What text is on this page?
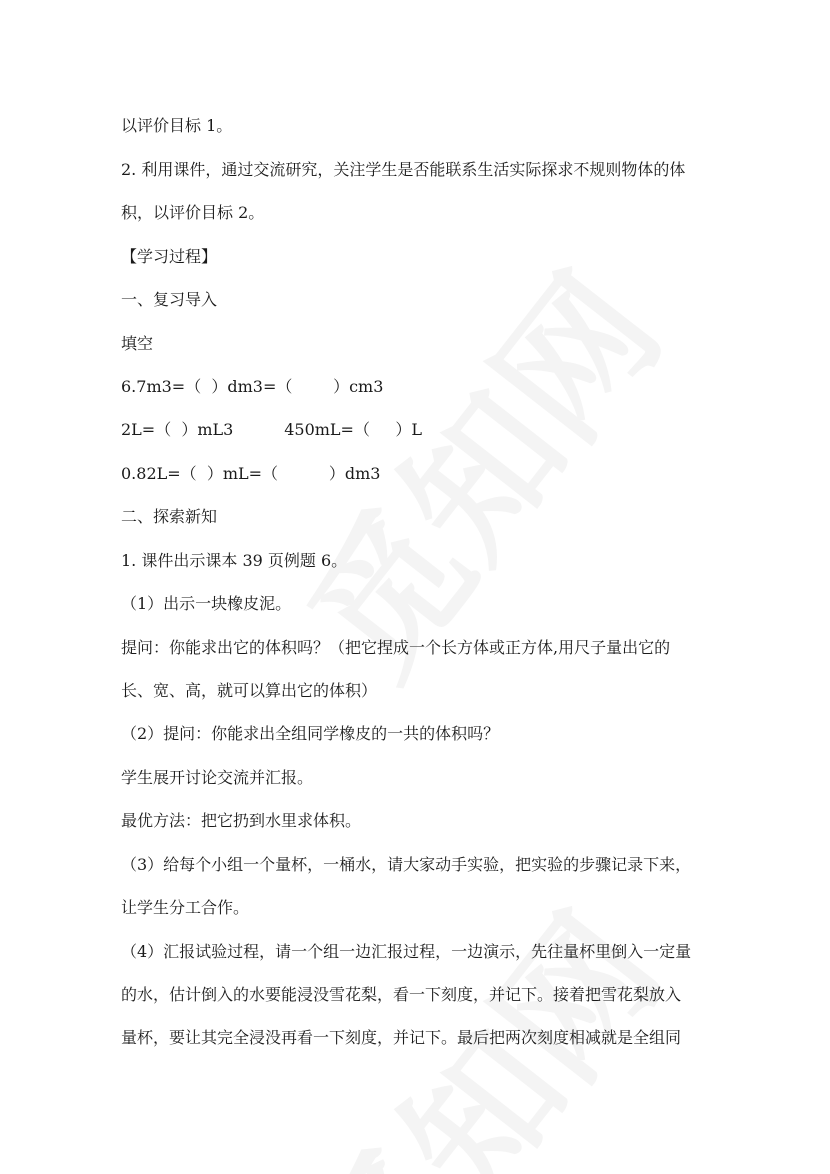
以评价目标 1。
2. 利用课件，通过交流研究，关注学生是否能联系生活实际探求不规则物体的体
积，以评价目标 2。
【学习过程】
一、复习导入
填空
6.7m3=（  ）dm3=（        ）cm3
2L=（  ）mL3          450mL=（     ）L
0.82L=（  ）mL=（          ）dm3
二、探索新知
1. 课件出示课本 39 页例题 6。
（1）出示一块橡皮泥。
提问：你能求出它的体积吗？（把它捏成一个长方体或正方体,用尺子量出它的
长、宽、高，就可以算出它的体积）
（2）提问：你能求出全组同学橡皮的一共的体积吗？
学生展开讨论交流并汇报。
最优方法：把它扔到水里求体积。
（3）给每个小组一个量杯，一桶水，请大家动手实验，把实验的步骤记录下来，
让学生分工合作。
（4）汇报试验过程，请一个组一边汇报过程，一边演示，先往量杯里倒入一定量
的水，估计倒入的水要能浸没雪花梨，看一下刻度，并记下。接着把雪花梨放入
量杯，要让其完全浸没再看一下刻度，并记下。最后把两次刻度相减就是全组同
